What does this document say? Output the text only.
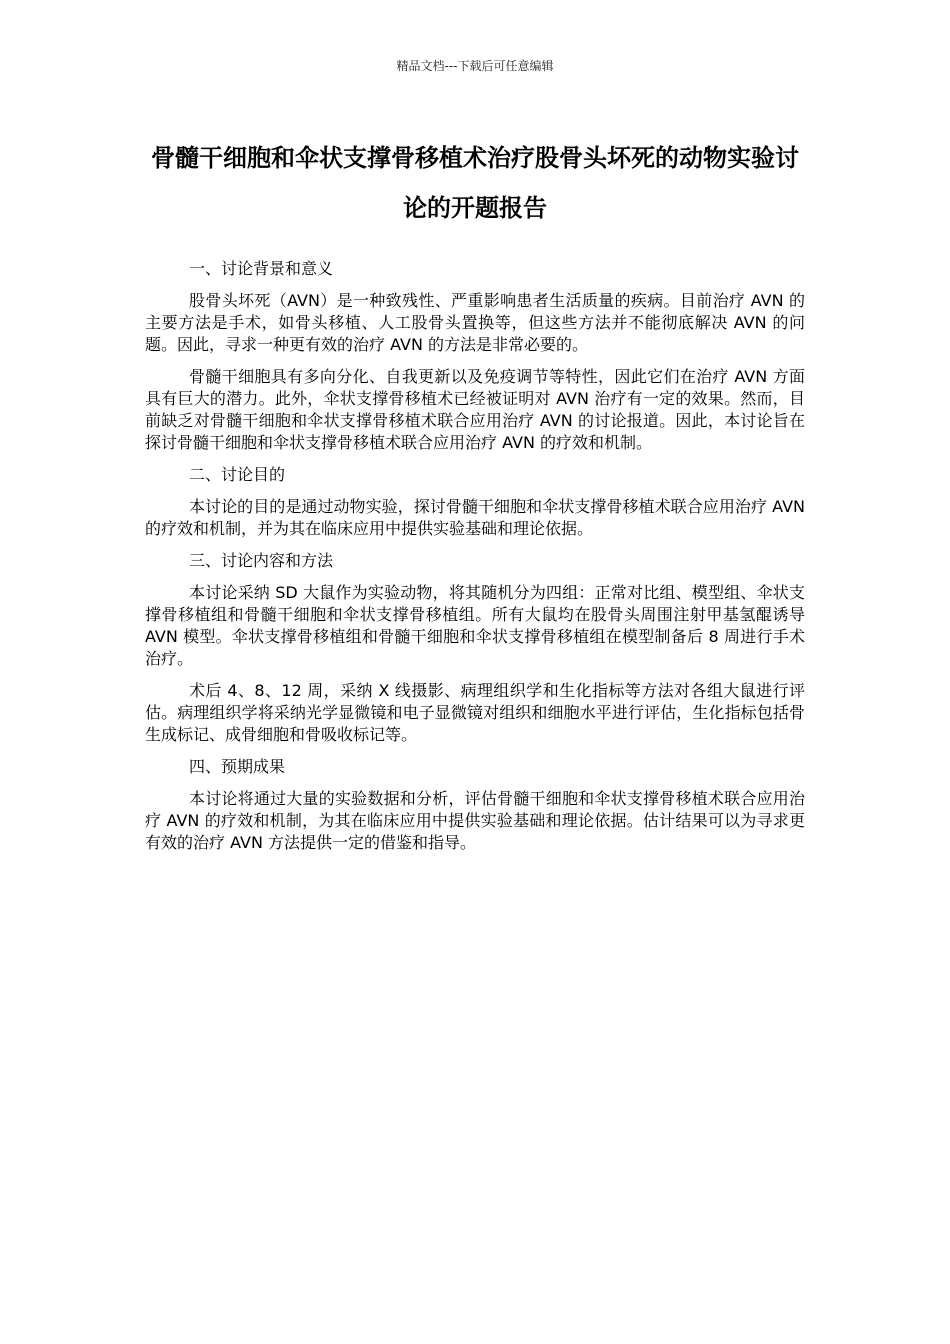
精品文档---下载后可任意编辑
骨髓干细胞和伞状支撑骨移植术治疗股骨头坏死的动物实验讨论的开题报告

一、讨论背景和意义

股骨头坏死（AVN）是一种致残性、严重影响患者生活质量的疾病。目前治疗 AVN 的主要方法是手术，如骨头移植、人工股骨头置换等，但这些方法并不能彻底解决 AVN 的问题。因此，寻求一种更有效的治疗 AVN 的方法是非常必要的。

骨髓干细胞具有多向分化、自我更新以及免疫调节等特性，因此它们在治疗 AVN 方面具有巨大的潜力。此外，伞状支撑骨移植术已经被证明对 AVN 治疗有一定的效果。然而，目前缺乏对骨髓干细胞和伞状支撑骨移植术联合应用治疗 AVN 的讨论报道。因此，本讨论旨在探讨骨髓干细胞和伞状支撑骨移植术联合应用治疗 AVN 的疗效和机制。

二、讨论目的

本讨论的目的是通过动物实验，探讨骨髓干细胞和伞状支撑骨移植术联合应用治疗 AVN 的疗效和机制，并为其在临床应用中提供实验基础和理论依据。

三、讨论内容和方法

本讨论采纳 SD 大鼠作为实验动物，将其随机分为四组：正常对比组、模型组、伞状支撑骨移植组和骨髓干细胞和伞状支撑骨移植组。所有大鼠均在股骨头周围注射甲基氢醌诱导 AVN 模型。伞状支撑骨移植组和骨髓干细胞和伞状支撑骨移植组在模型制备后 8 周进行手术治疗。

术后 4、8、12 周，采纳 X 线摄影、病理组织学和生化指标等方法对各组大鼠进行评估。病理组织学将采纳光学显微镜和电子显微镜对组织和细胞水平进行评估，生化指标包括骨生成标记、成骨细胞和骨吸收标记等。

四、预期成果

本讨论将通过大量的实验数据和分析，评估骨髓干细胞和伞状支撑骨移植术联合应用治疗 AVN 的疗效和机制，为其在临床应用中提供实验基础和理论依据。估计结果可以为寻求更有效的治疗 AVN 方法提供一定的借鉴和指导。
